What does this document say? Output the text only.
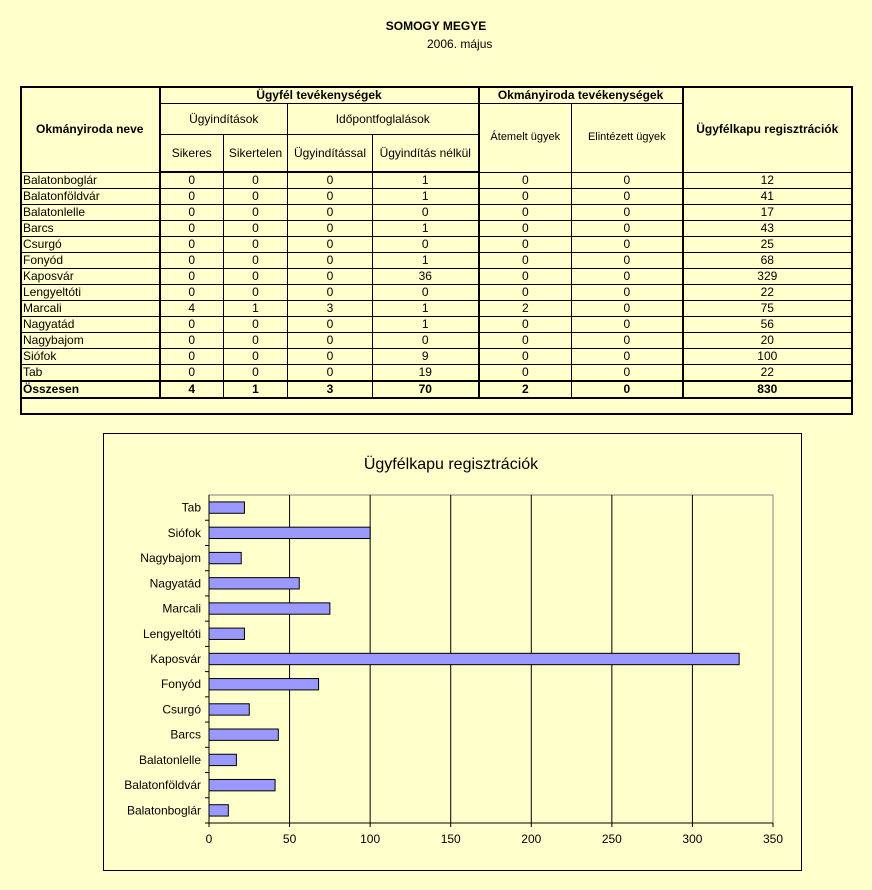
SOMOGY MEGYE
2006. május
Okmányiroda neve	Ügyfél tevékenységek				Okmányiroda tevékenységek		Ügyfélkapu regisztrációk
	Ügyindítások		Időpontfoglalások		Átemelt ügyek	Elintézett ügyek	
	Sikeres	Sikertelen	Ügyindítással	Ügyindítás nélkül			
Balatonboglár	0	0	0	1	0	0	12
Balatonföldvár	0	0	0	1	0	0	41
Balatonlelle	0	0	0	0	0	0	17
Barcs	0	0	0	1	0	0	43
Csurgó	0	0	0	0	0	0	25
Fonyód	0	0	0	1	0	0	68
Kaposvár	0	0	0	36	0	0	329
Lengyeltóti	0	0	0	0	0	0	22
Marcali	4	1	3	1	2	0	75
Nagyatád	0	0	0	1	0	0	56
Nagybajom	0	0	0	0	0	0	20
Siófok	0	0	0	9	0	0	100
Tab	0	0	0	19	0	0	22
Összesen	4	1	3	70	2	0	830
Ügyfélkapu regisztrációk
Balatonboglár
Balatonföldvár
Balatonlelle
Barcs
Csurgó
Fonyód
Kaposvár
Lengyeltóti
Marcali
Nagyatád
Nagybajom
Siófok
Tab
0	50	100	150	200	250	300	350
